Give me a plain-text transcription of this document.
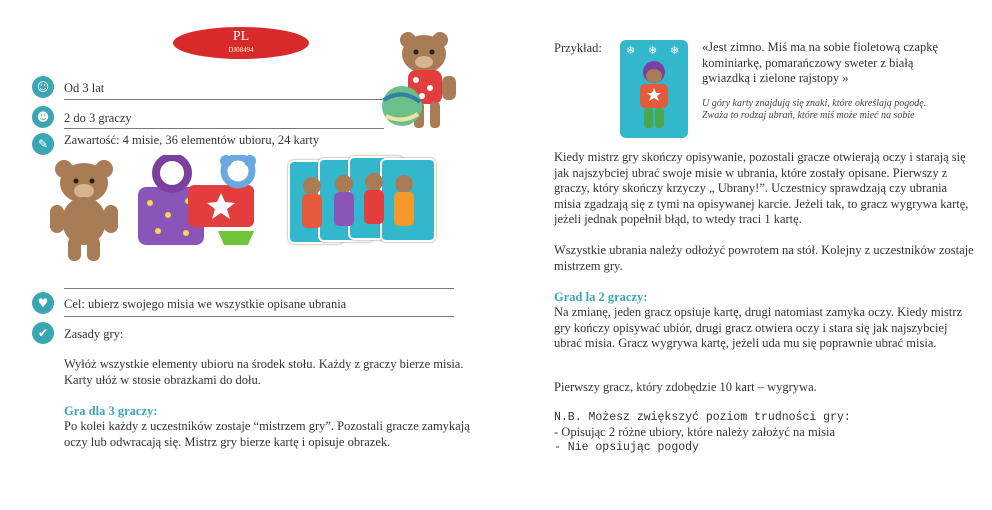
PL
DJ08494
☺	Od 3 lat
☻	2 do 3 graczy
✎	Zawartość: 4 misie, 36 elementów ubioru, 24 karty
♥	Cel: ubierz swojego misia we wszystkie opisane ubrania
✔	Zasady gry:
Wyłóż wszystkie elementy ubioru na środek stołu. Każdy z graczy bierze misia. Karty ułóż w stosie obrazkami do dołu.
Gra dla 3 graczy:
Po kolei każdy z uczestników zostaje “mistrzem gry”. Pozostali gracze zamykają oczy lub odwracają się. Mistrz gry bierze kartę i opisuje obrazek.
Przykład: ❄ ❄ ❄ «Jest zimno. Miś ma na sobie fioletową czapkę kominiarkę, pomarańczowy sweter z białą gwiazdką i zielone rajstopy »
U góry karty znajdują się znaki, które określają pogodę. Zważa to rodzaj ubrań, które miś może mieć na sobie
Kiedy mistrz gry skończy opisywanie, pozostali gracze otwierają oczy i starają się jak najszybciej ubrać swoje misie w ubrania, które zostały opisane. Pierwszy z graczy, który skończy krzyczy „ Ubrany!”. Uczestnicy sprawdzają czy ubrania misia zgadzają się z tymi na opisywanej karcie. Jeżeli tak, to gracz wygrywa kartę, jeżeli jednak popełnił błąd, to wtedy traci 1 kartę.
Wszystkie ubrania należy odłożyć powrotem na stół. Kolejny z uczestników zostaje mistrzem gry.
Grad la 2 graczy:
Na zmianę, jeden gracz opsiuje kartę, drugi natomiast zamyka oczy. Kiedy mistrz gry kończy opisywać ubiór, drugi gracz otwiera oczy i stara się jak najszybciej ubrać misia. Gracz wygrywa kartę, jeżeli uda mu się poprawnie ubrać misia.
Pierwszy gracz, który zdobędzie 10 kart – wygrywa.
N.B. Możesz zwiększyć poziom trudności gry:
- Opisując 2 różne ubiory, które należy założyć na misia
- Nie opsiując pogody
